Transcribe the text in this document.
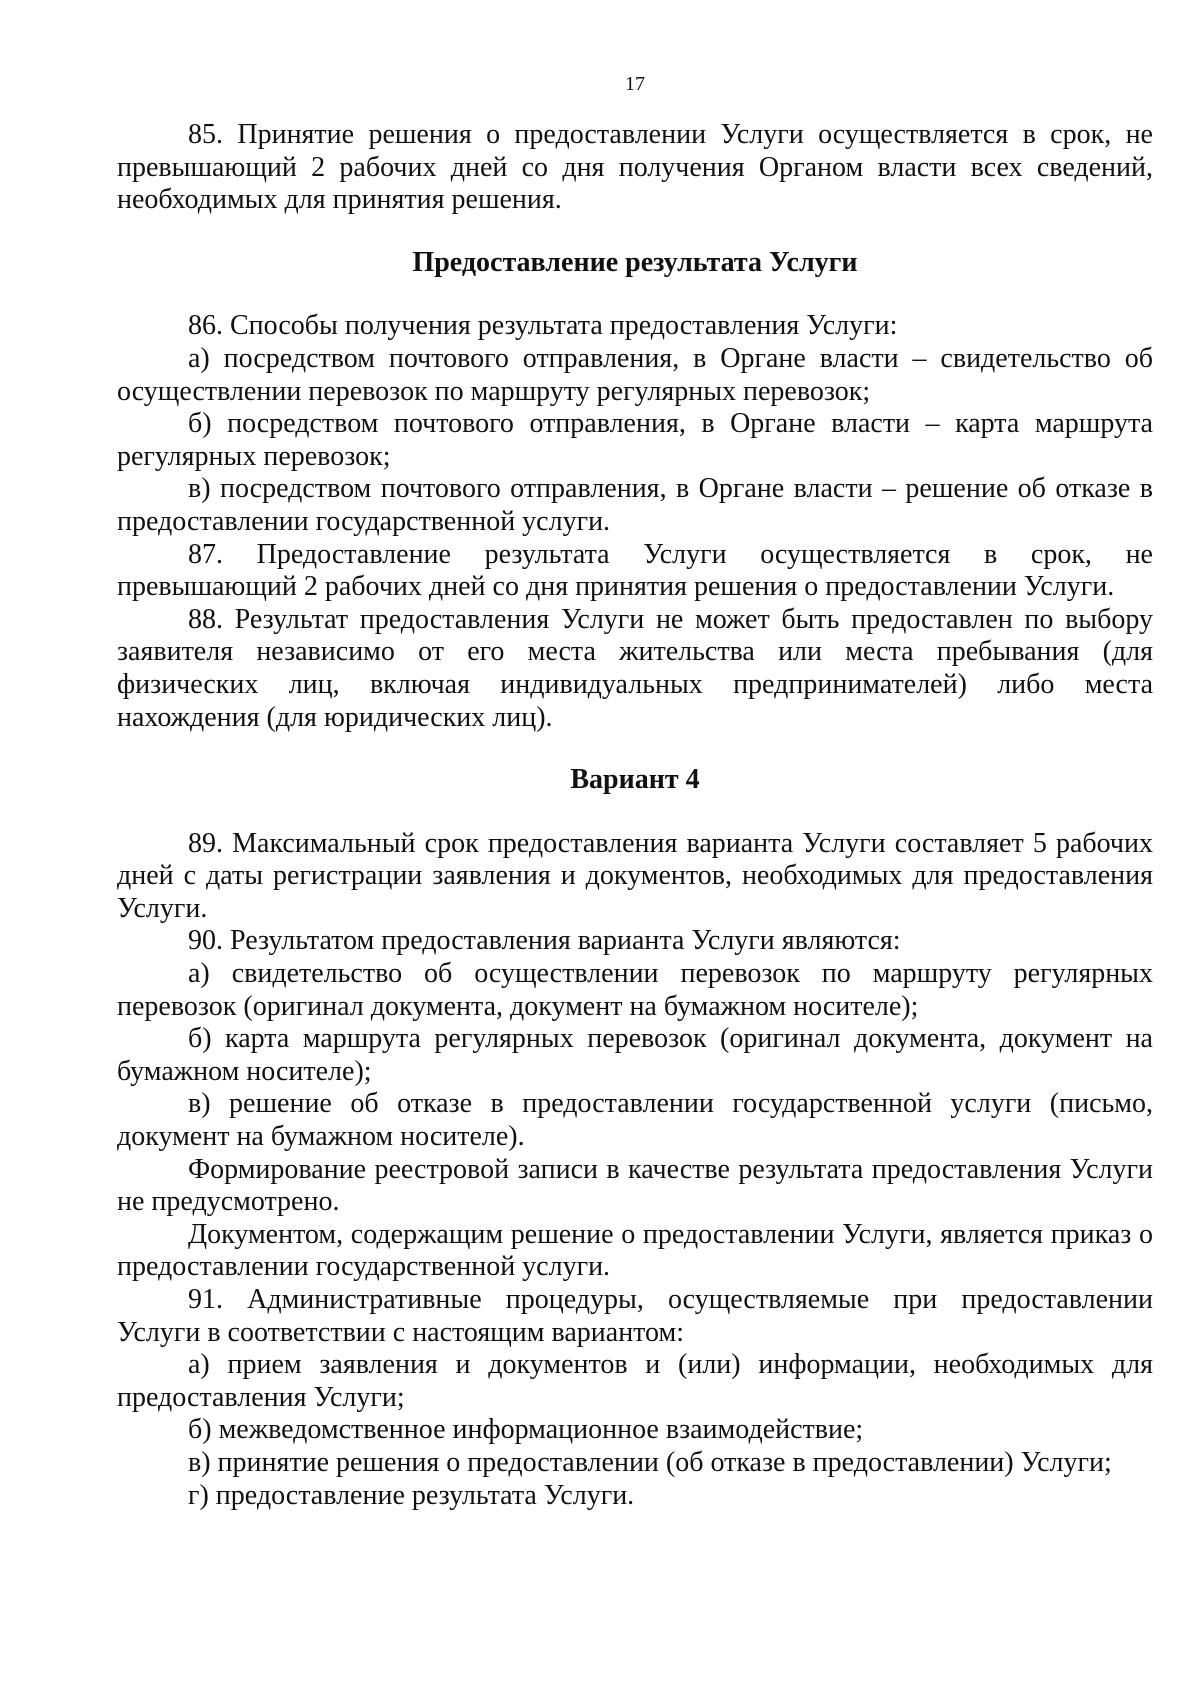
17

85. Принятие решения о предоставлении Услуги осуществляется в срок, не превышающий 2 рабочих дней со дня получения Органом власти всех сведений, необходимых для принятия решения.

Предоставление результата Услуги

86. Способы получения результата предоставления Услуги:

а) посредством почтового отправления, в Органе власти – свидетельство об осуществлении перевозок по маршруту регулярных перевозок;

б) посредством почтового отправления, в Органе власти – карта маршрута регулярных перевозок;

в) посредством почтового отправления, в Органе власти – решение об отказе в предоставлении государственной услуги.

87. Предоставление результата Услуги осуществляется в срок, не превышающий 2 рабочих дней со дня принятия решения о предоставлении Услуги.

88. Результат предоставления Услуги не может быть предоставлен по выбору заявителя независимо от его места жительства или места пребывания (для физических лиц, включая индивидуальных предпринимателей) либо места нахождения (для юридических лиц).

Вариант 4

89. Максимальный срок предоставления варианта Услуги составляет 5 рабочих дней с даты регистрации заявления и документов, необходимых для предоставления Услуги.

90. Результатом предоставления варианта Услуги являются:

а) свидетельство об осуществлении перевозок по маршруту регулярных перевозок (оригинал документа, документ на бумажном носителе);

б) карта маршрута регулярных перевозок (оригинал документа, документ на бумажном носителе);

в) решение об отказе в предоставлении государственной услуги (письмо, документ на бумажном носителе).

Формирование реестровой записи в качестве результата предоставления Услуги не предусмотрено.

Документом, содержащим решение о предоставлении Услуги, является приказ о предоставлении государственной услуги.

91. Административные процедуры, осуществляемые при предоставлении Услуги в соответствии с настоящим вариантом:

а) прием заявления и документов и (или) информации, необходимых для предоставления Услуги;

б) межведомственное информационное взаимодействие;

в) принятие решения о предоставлении (об отказе в предоставлении) Услуги;

г) предоставление результата Услуги.
